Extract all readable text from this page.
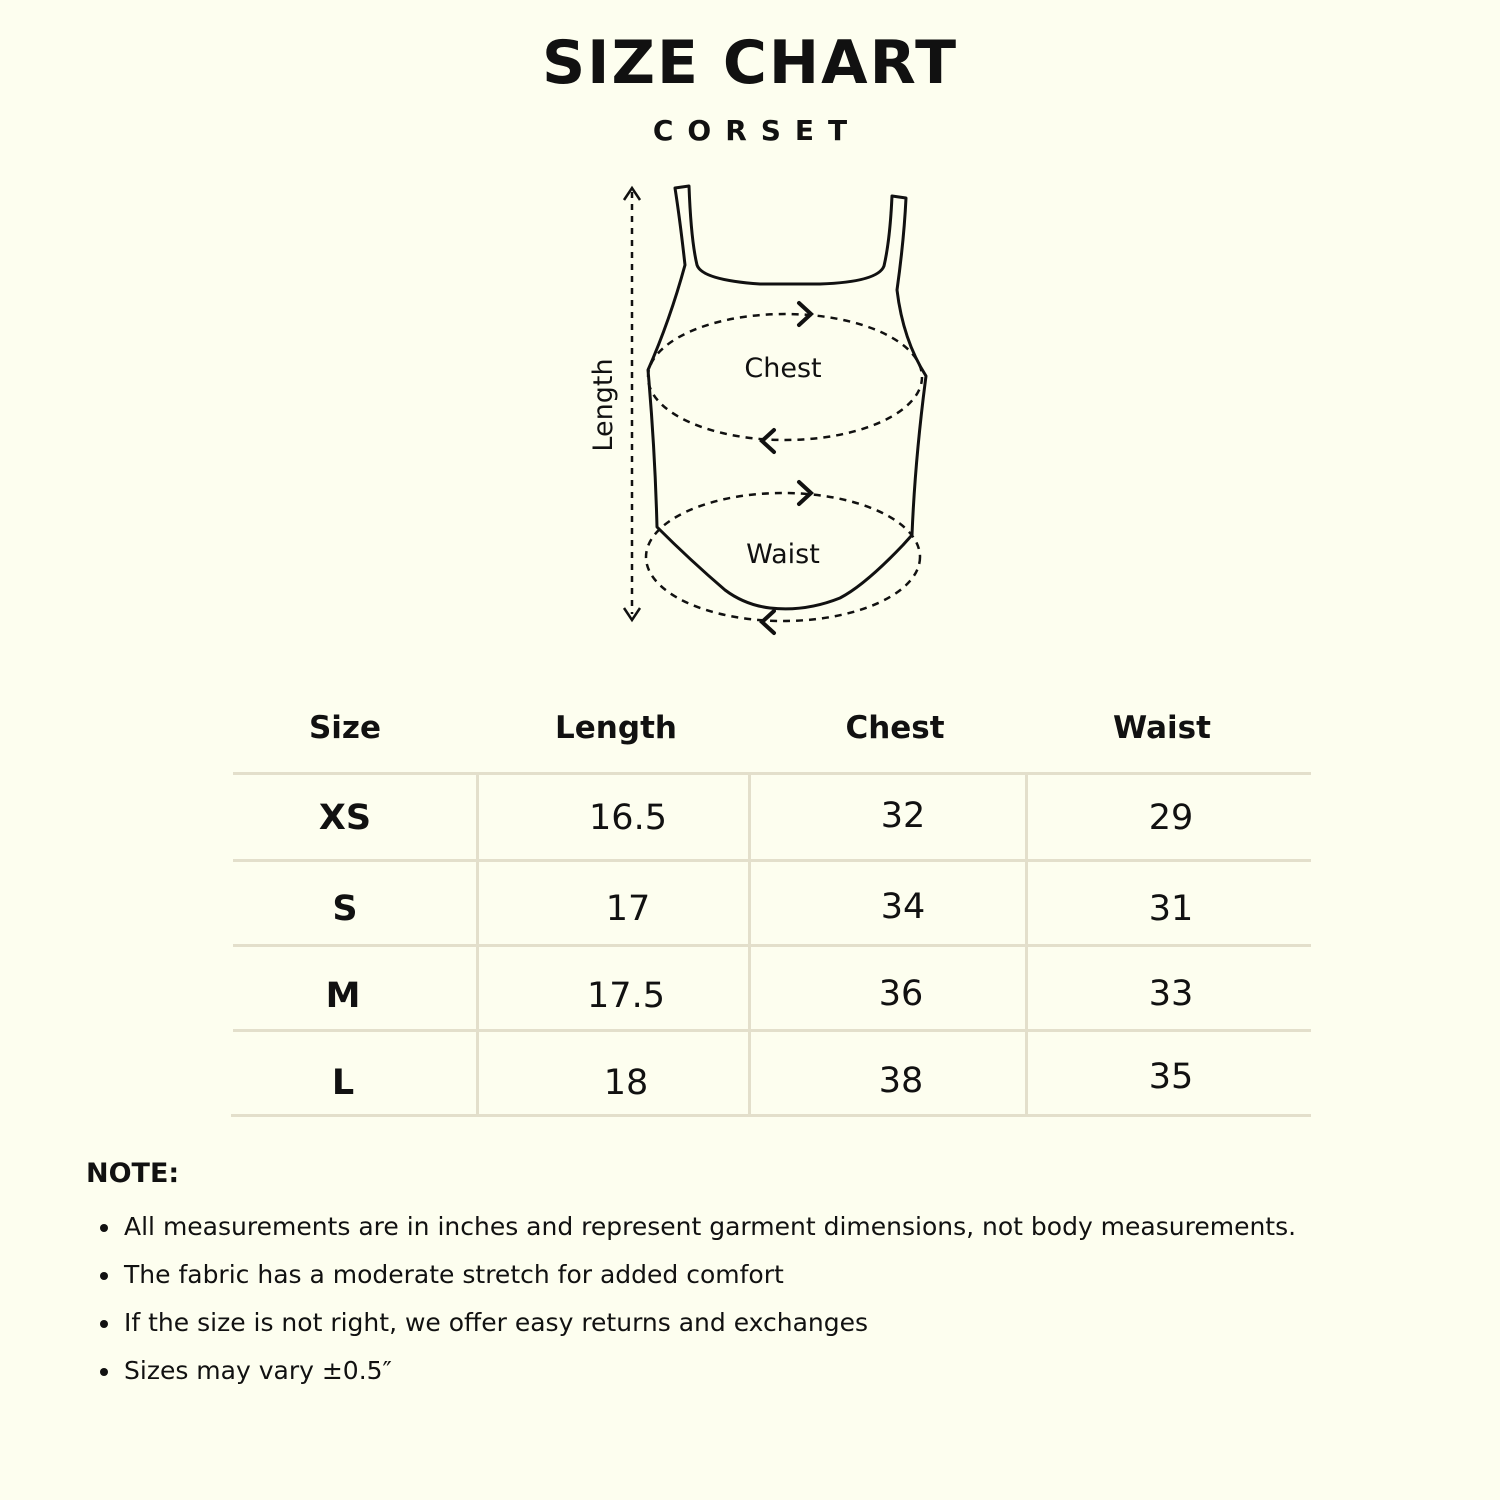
SIZE CHART
CORSET
Length	Chest
Waist
Size	Length	Chest	Waist
XS	16.5	32	29
S	17	34	31
M	17.5	36	33
L	18	38	35
NOTE:
All measurements are in inches and represent garment dimensions, not body measurements.
The fabric has a moderate stretch for added comfort
If the size is not right, we offer easy returns and exchanges
Sizes may vary ±0.5″
